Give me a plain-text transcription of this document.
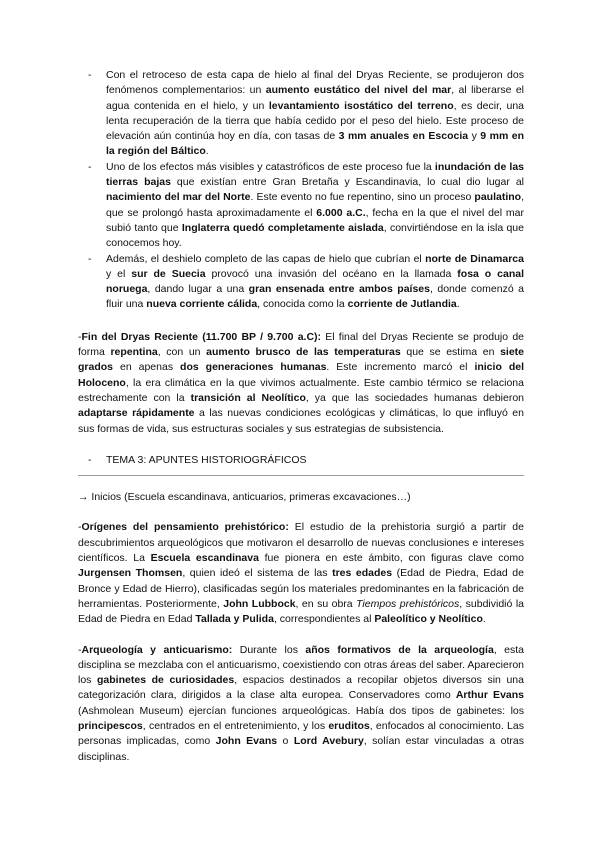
- Con el retroceso de esta capa de hielo al final del Dryas Reciente, se produjeron dos fenómenos complementarios: un aumento eustático del nivel del mar, al liberarse el agua contenida en el hielo, y un levantamiento isostático del terreno, es decir, una lenta recuperación de la tierra que había cedido por el peso del hielo. Este proceso de elevación aún continúa hoy en día, con tasas de 3 mm anuales en Escocia y 9 mm en la región del Báltico.
- Uno de los efectos más visibles y catastróficos de este proceso fue la inundación de las tierras bajas que existían entre Gran Bretaña y Escandinavia, lo cual dio lugar al nacimiento del mar del Norte. Este evento no fue repentino, sino un proceso paulatino, que se prolongó hasta aproximadamente el 6.000 a.C., fecha en la que el nivel del mar subió tanto que Inglaterra quedó completamente aislada, convirtiéndose en la isla que conocemos hoy.
- Además, el deshielo completo de las capas de hielo que cubrían el norte de Dinamarca y el sur de Suecia provocó una invasión del océano en la llamada fosa o canal noruega, dando lugar a una gran ensenada entre ambos países, donde comenzó a fluir una nueva corriente cálida, conocida como la corriente de Jutlandia.

-Fin del Dryas Reciente (11.700 BP / 9.700 a.C): El final del Dryas Reciente se produjo de forma repentina, con un aumento brusco de las temperaturas que se estima en siete grados en apenas dos generaciones humanas. Este incremento marcó el inicio del Holoceno, la era climática en la que vivimos actualmente. Este cambio térmico se relaciona estrechamente con la transición al Neolítico, ya que las sociedades humanas debieron adaptarse rápidamente a las nuevas condiciones ecológicas y climáticas, lo que influyó en sus formas de vida, sus estructuras sociales y sus estrategias de subsistencia.

- TEMA 3: APUNTES HISTORIOGRÁFICOS

→ Inicios (Escuela escandinava, anticuarios, primeras excavaciones…)

-Orígenes del pensamiento prehistórico: El estudio de la prehistoria surgió a partir de descubrimientos arqueológicos que motivaron el desarrollo de nuevas conclusiones e intereses científicos. La Escuela escandinava fue pionera en este ámbito, con figuras clave como Jurgensen Thomsen, quien ideó el sistema de las tres edades (Edad de Piedra, Edad de Bronce y Edad de Hierro), clasificadas según los materiales predominantes en la fabricación de herramientas. Posteriormente, John Lubbock, en su obra Tiempos prehistóricos, subdividió la Edad de Piedra en Edad Tallada y Pulida, correspondientes al Paleolítico y Neolítico.

-Arqueología y anticuarismo: Durante los años formativos de la arqueología, esta disciplina se mezclaba con el anticuarismo, coexistiendo con otras áreas del saber. Aparecieron los gabinetes de curiosidades, espacios destinados a recopilar objetos diversos sin una categorización clara, dirigidos a la clase alta europea. Conservadores como Arthur Evans (Ashmolean Museum) ejercían funciones arqueológicas. Había dos tipos de gabinetes: los principescos, centrados en el entretenimiento, y los eruditos, enfocados al conocimiento. Las personas implicadas, como John Evans o Lord Avebury, solían estar vinculadas a otras disciplinas.
